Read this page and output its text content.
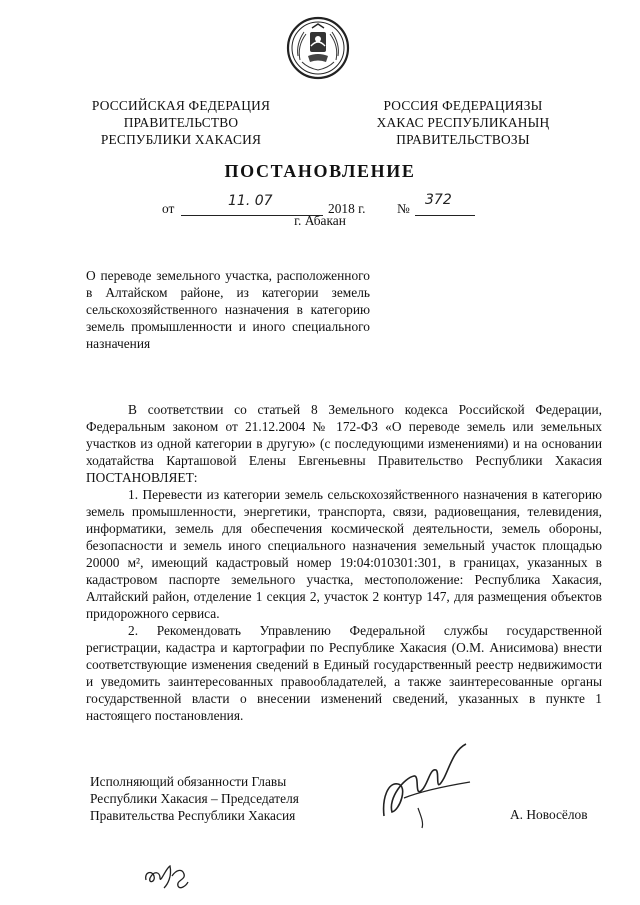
РОССИЙСКАЯ ФЕДЕРАЦИЯ
ПРАВИТЕЛЬСТВО
РЕСПУБЛИКИ ХАКАСИЯ
РОССИЯ ФЕДЕРАЦИЯЗЫ
ХАКАС РЕСПУБЛИКАНЫҢ
ПРАВИТЕЛЬСТВОЗЫ
ПОСТАНОВЛЕНИЕ
от	11. 07	2018 г. №
372
г. Абакан
О переводе земельного участка, расположенного в Алтайском районе, из категории земель сельскохозяйственного назначения в категорию земель промышленности и иного специального назначения

В соответствии со статьей 8 Земельного кодекса Российской Федерации, Федеральным законом от 21.12.2004 № 172-ФЗ «О переводе земель или земельных участков из одной категории в другую» (с последующими изменениями) и на основании ходатайства Карташовой Елены Евгеньевны Правительство Республики Хакасия ПОСТАНОВЛЯЕТ:

1. Перевести из категории земель сельскохозяйственного назначения в категорию земель промышленности, энергетики, транспорта, связи, радиовещания, телевидения, информатики, земель для обеспечения космической деятельности, земель обороны, безопасности и земель иного специального назначения земельный участок площадью 20000 м², имеющий кадастровый номер 19:04:010301:301, в границах, указанных в кадастровом паспорте земельного участка, местоположение: Республика Хакасия, Алтайский район, отделение 1 секция 2, участок 2 контур 147, для размещения объектов придорожного сервиса.

2. Рекомендовать Управлению Федеральной службы государственной регистрации, кадастра и картографии по Республике Хакасия (О.М. Анисимова) внести соответствующие изменения сведений в Единый государственный реестр недвижимости и уведомить заинтересованных правообладателей, а также заинтересованные органы государственной власти о внесении изменений сведений, указанных в пункте 1 настоящего постановления.

Исполняющий обязанности Главы
Республики Хакасия – Председателя
Правительства Республики Хакасия	А. Новосёлов
